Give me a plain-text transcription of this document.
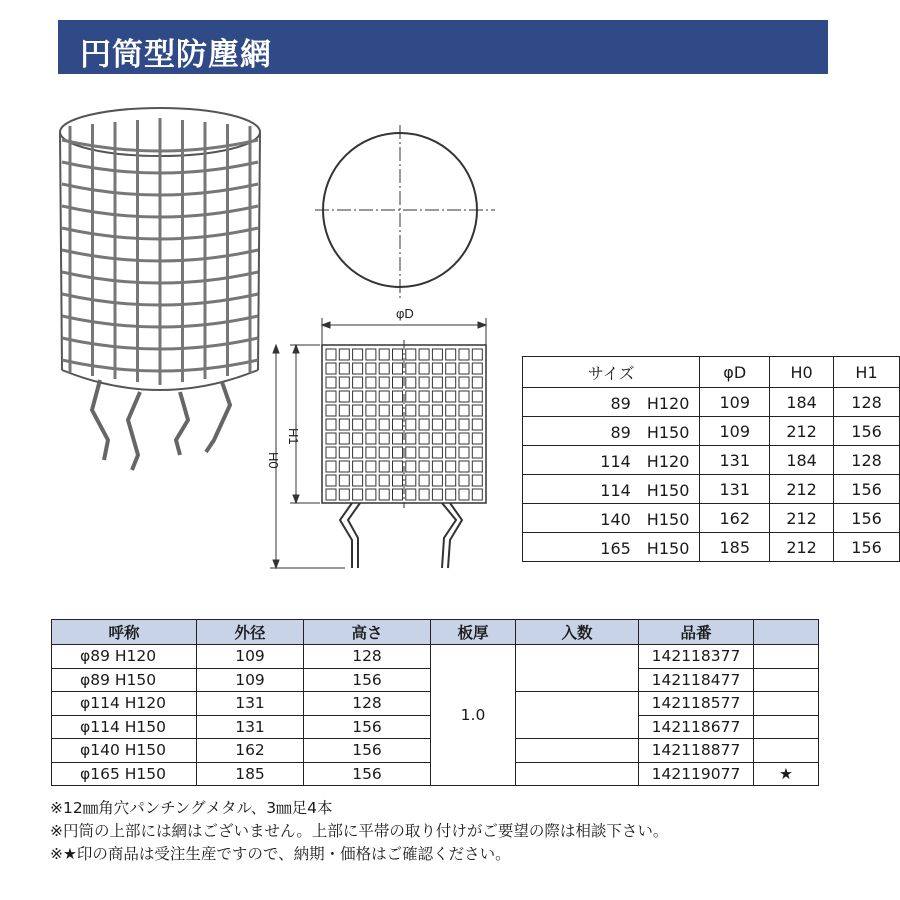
円筒型防塵網
φD
H1
H0
サイズ	φD	H0	H1
89　H120	109	184	128
89　H150	109	212	156
114　H120	131	184	128
114　H150	131	212	156
140　H150	162	212	156
165　H150	185	212	156
呼称	外径	高さ	板厚	入数	品番	
φ89 H120	109	128	1.0		142118377	
φ89 H150	109	156			142118477	
φ114 H120	131	128			142118577	
φ114 H150	131	156			142118677	
φ140 H150	162	156			142118877	
φ165 H150	185	156			142119077	★
※12㎜角穴パンチングメタル、3㎜足4本
※円筒の上部には網はございません。上部に平帯の取り付けがご要望の際は相談下さい。
※★印の商品は受注生産ですので、納期・価格はご確認ください。
